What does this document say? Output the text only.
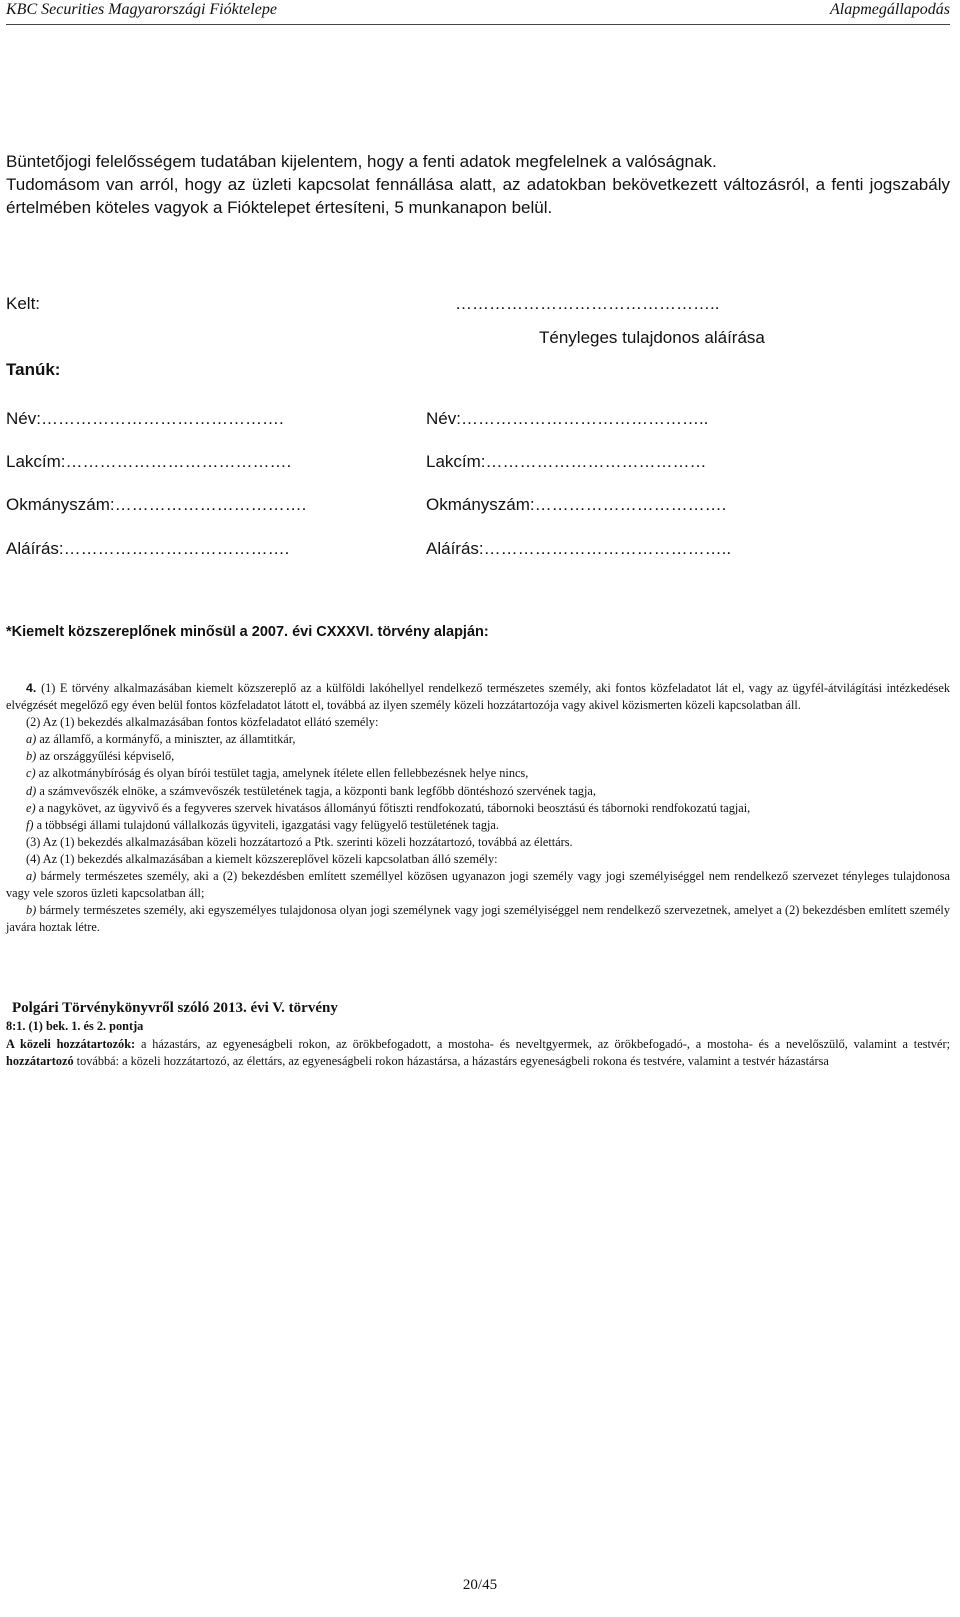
KBC Securities Magyarországi Fióktelepe	Alapmegállapodás

Büntetőjogi felelősségem tudatában kijelentem, hogy a fenti adatok megfelelnek a valóságnak.

Tudomásom van arról, hogy az üzleti kapcsolat fennállása alatt, az adatokban bekövetkezett változásról, a fenti jogszabály értelmében köteles vagyok a Fióktelepet értesíteni, 5 munkanapon belül.

Kelt:	………………………………………..
Tényleges tulajdonos aláírása
Tanúk:
Név:…………………………………….
Lakcím:………………………………….
Okmányszám:…………………………….
Aláírás:………………………………….
Név:……………………………………..
Lakcím:…………………………………
Okmányszám:…………………………….
Aláírás:……………………………………..
*Kiemelt közszereplőnek minősül a 2007. évi CXXXVI. törvény alapján:

4. (1) E törvény alkalmazásában kiemelt közszereplő az a külföldi lakóhellyel rendelkező természetes személy, aki fontos közfeladatot lát el, vagy az ügyfél-átvilágítási intézkedések elvégzését megelőző egy éven belül fontos közfeladatot látott el, továbbá az ilyen személy közeli hozzátartozója vagy akivel közismerten közeli kapcsolatban áll.

(2) Az (1) bekezdés alkalmazásában fontos közfeladatot ellátó személy:

a) az államfő, a kormányfő, a miniszter, az államtitkár,

b) az országgyűlési képviselő,

c) az alkotmánybíróság és olyan bírói testület tagja, amelynek ítélete ellen fellebbezésnek helye nincs,

d) a számvevőszék elnöke, a számvevőszék testületének tagja, a központi bank legfőbb döntéshozó szervének tagja,

e) a nagykövet, az ügyvivő és a fegyveres szervek hivatásos állományú főtiszti rendfokozatú, tábornoki beosztású és tábornoki rendfokozatú tagjai,

f) a többségi állami tulajdonú vállalkozás ügyviteli, igazgatási vagy felügyelő testületének tagja.

(3) Az (1) bekezdés alkalmazásában közeli hozzátartozó a Ptk. szerinti közeli hozzátartozó, továbbá az élettárs.

(4) Az (1) bekezdés alkalmazásában a kiemelt közszereplővel közeli kapcsolatban álló személy:

a) bármely természetes személy, aki a (2) bekezdésben említett személlyel közösen ugyanazon jogi személy vagy jogi személyiséggel nem rendelkező szervezet tényleges tulajdonosa vagy vele szoros üzleti kapcsolatban áll;

b) bármely természetes személy, aki egyszemélyes tulajdonosa olyan jogi személynek vagy jogi személyiséggel nem rendelkező szervezetnek, amelyet a (2) bekezdésben említett személy javára hoztak létre.

Polgári Törvénykönyvről szóló 2013. évi V. törvény

8:1. (1) bek. 1. és 2. pontja

A közeli hozzátartozók: a házastárs, az egyeneságbeli rokon, az örökbefogadott, a mostoha- és neveltgyermek, az örökbefogadó-, a mostoha- és a nevelőszülő, valamint a testvér; hozzátartozó továbbá: a közeli hozzátartozó, az élettárs, az egyeneságbeli rokon házastársa, a házastárs egyeneságbeli rokona és testvére, valamint a testvér házastársa

20/45
